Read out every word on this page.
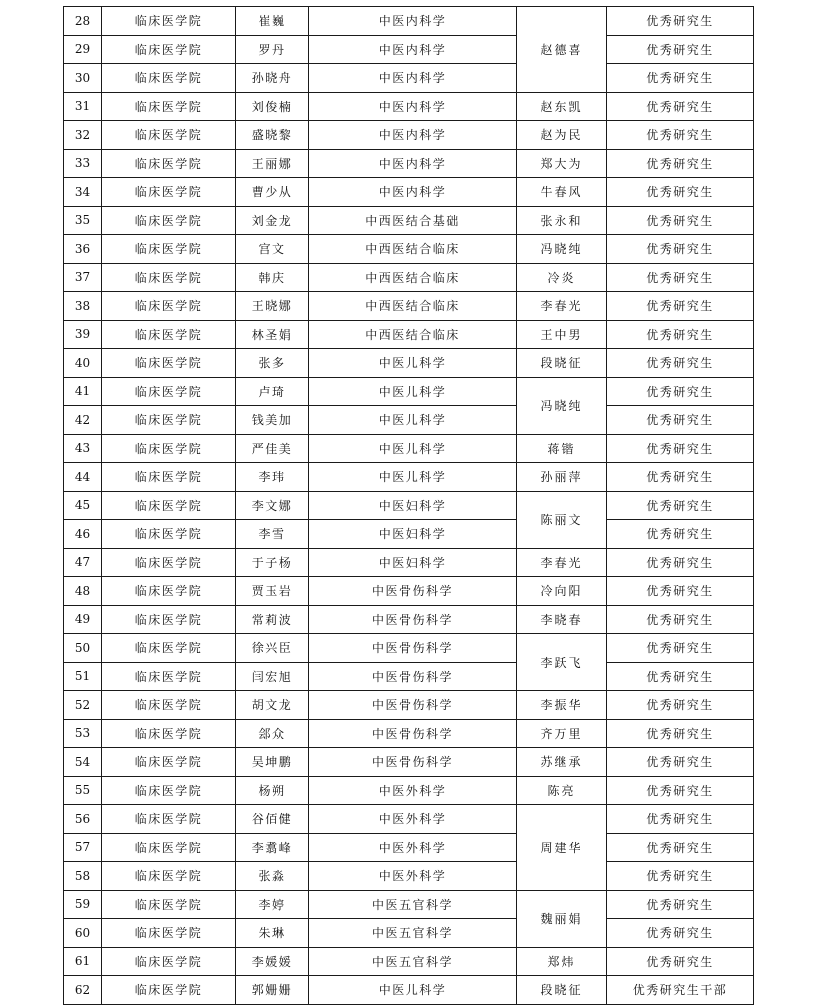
28	临床医学院	崔巍	中医内科学	赵德喜	优秀研究生
29	临床医学院	罗丹	中医内科学		优秀研究生
30	临床医学院	孙晓舟	中医内科学		优秀研究生
31	临床医学院	刘俊楠	中医内科学	赵东凯	优秀研究生
32	临床医学院	盛晓黎	中医内科学	赵为民	优秀研究生
33	临床医学院	王丽娜	中医内科学	郑大为	优秀研究生
34	临床医学院	曹少从	中医内科学	牛春风	优秀研究生
35	临床医学院	刘金龙	中西医结合基础	张永和	优秀研究生
36	临床医学院	宫文	中西医结合临床	冯晓纯	优秀研究生
37	临床医学院	韩庆	中西医结合临床	冷炎	优秀研究生
38	临床医学院	王晓娜	中西医结合临床	李春光	优秀研究生
39	临床医学院	林圣娟	中西医结合临床	王中男	优秀研究生
40	临床医学院	张多	中医儿科学	段晓征	优秀研究生
41	临床医学院	卢琦	中医儿科学	冯晓纯	优秀研究生
42	临床医学院	钱美加	中医儿科学		优秀研究生
43	临床医学院	严佳美	中医儿科学	蒋锴	优秀研究生
44	临床医学院	李玮	中医儿科学	孙丽萍	优秀研究生
45	临床医学院	李文娜	中医妇科学	陈丽文	优秀研究生
46	临床医学院	李雪	中医妇科学		优秀研究生
47	临床医学院	于子杨	中医妇科学	李春光	优秀研究生
48	临床医学院	贾玉岩	中医骨伤科学	冷向阳	优秀研究生
49	临床医学院	常莉波	中医骨伤科学	李晓春	优秀研究生
50	临床医学院	徐兴臣	中医骨伤科学	李跃飞	优秀研究生
51	临床医学院	闫宏旭	中医骨伤科学		优秀研究生
52	临床医学院	胡文龙	中医骨伤科学	李振华	优秀研究生
53	临床医学院	郐众	中医骨伤科学	齐万里	优秀研究生
54	临床医学院	吴坤鹏	中医骨伤科学	苏继承	优秀研究生
55	临床医学院	杨朔	中医外科学	陈亮	优秀研究生
56	临床医学院	谷佰健	中医外科学	周建华	优秀研究生
57	临床医学院	李翥峰	中医外科学		优秀研究生
58	临床医学院	张淼	中医外科学		优秀研究生
59	临床医学院	李婷	中医五官科学	魏丽娟	优秀研究生
60	临床医学院	朱琳	中医五官科学		优秀研究生
61	临床医学院	李媛媛	中医五官科学	郑炜	优秀研究生
62	临床医学院	郭姗姗	中医儿科学	段晓征	优秀研究生干部
